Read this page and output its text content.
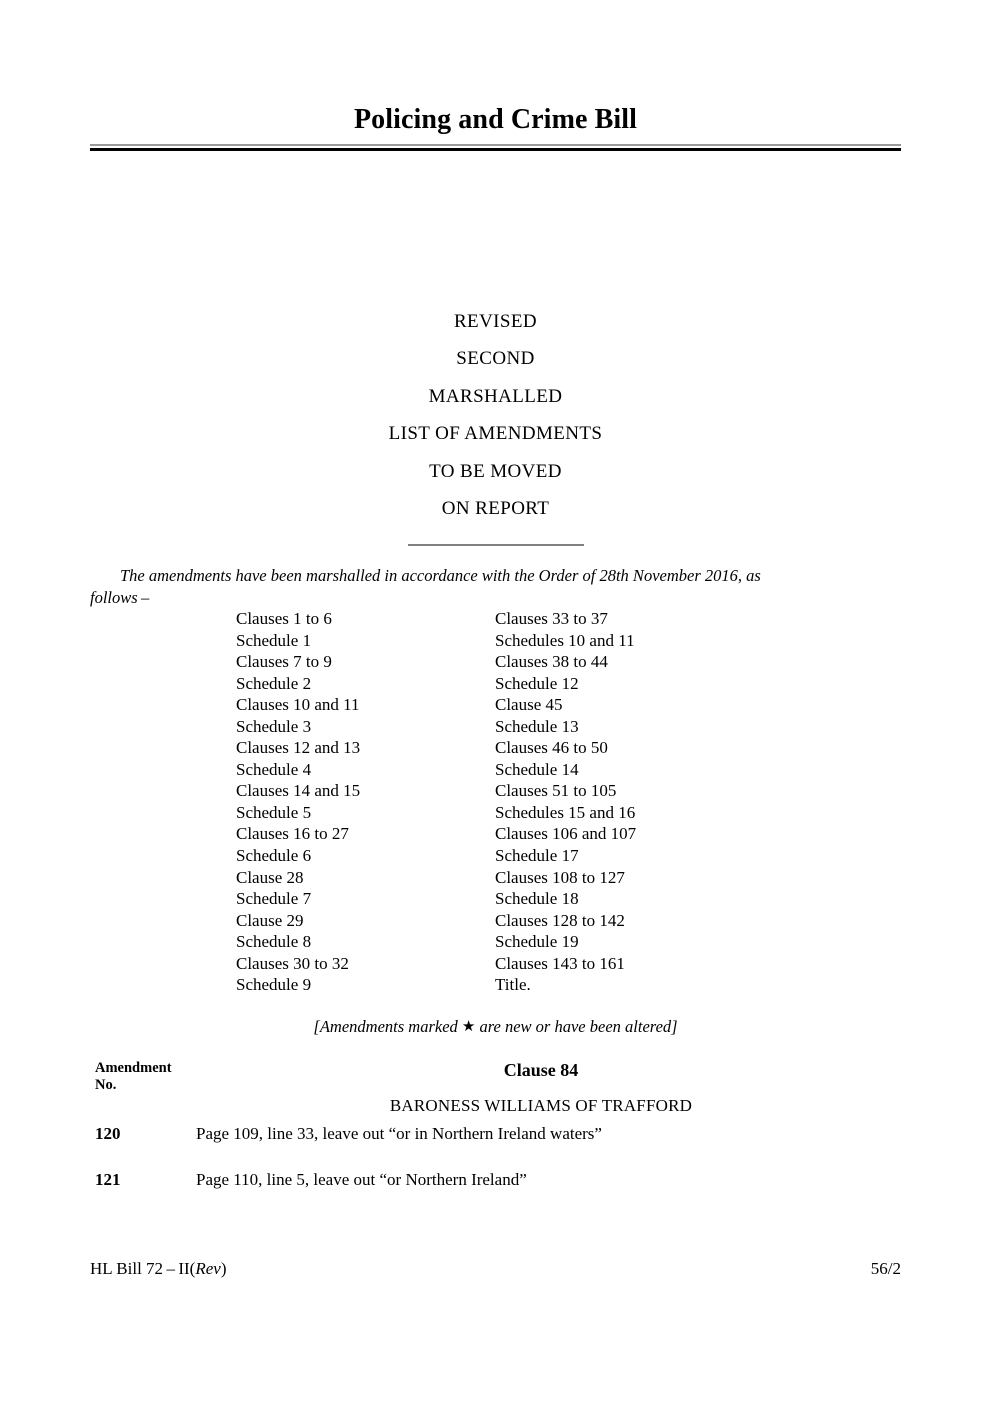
Policing and Crime Bill
REVISED
SECOND
MARSHALLED
LIST OF AMENDMENTS
TO BE MOVED
ON REPORT
The amendments have been marshalled in accordance with the Order of 28th November 2016, as
follows –
Clauses 1 to 6
Schedule 1
Clauses 7 to 9
Schedule 2
Clauses 10 and 11
Schedule 3
Clauses 12 and 13
Schedule 4
Clauses 14 and 15
Schedule 5
Clauses 16 to 27
Schedule 6
Clause 28
Schedule 7
Clause 29
Schedule 8
Clauses 30 to 32
Schedule 9
Clauses 33 to 37
Schedules 10 and 11
Clauses 38 to 44
Schedule 12
Clause 45
Schedule 13
Clauses 46 to 50
Schedule 14
Clauses 51 to 105
Schedules 15 and 16
Clauses 106 and 107
Schedule 17
Clauses 108 to 127
Schedule 18
Clauses 128 to 142
Schedule 19
Clauses 143 to 161
Title.
[Amendments marked ★ are new or have been altered]
Amendment
No.
Clause 84
BARONESS WILLIAMS OF TRAFFORD
120	Page 109, line 33, leave out “or in Northern Ireland waters”
121	Page 110, line 5, leave out “or Northern Ireland”
HL Bill 72 – II(Rev)	56/2
